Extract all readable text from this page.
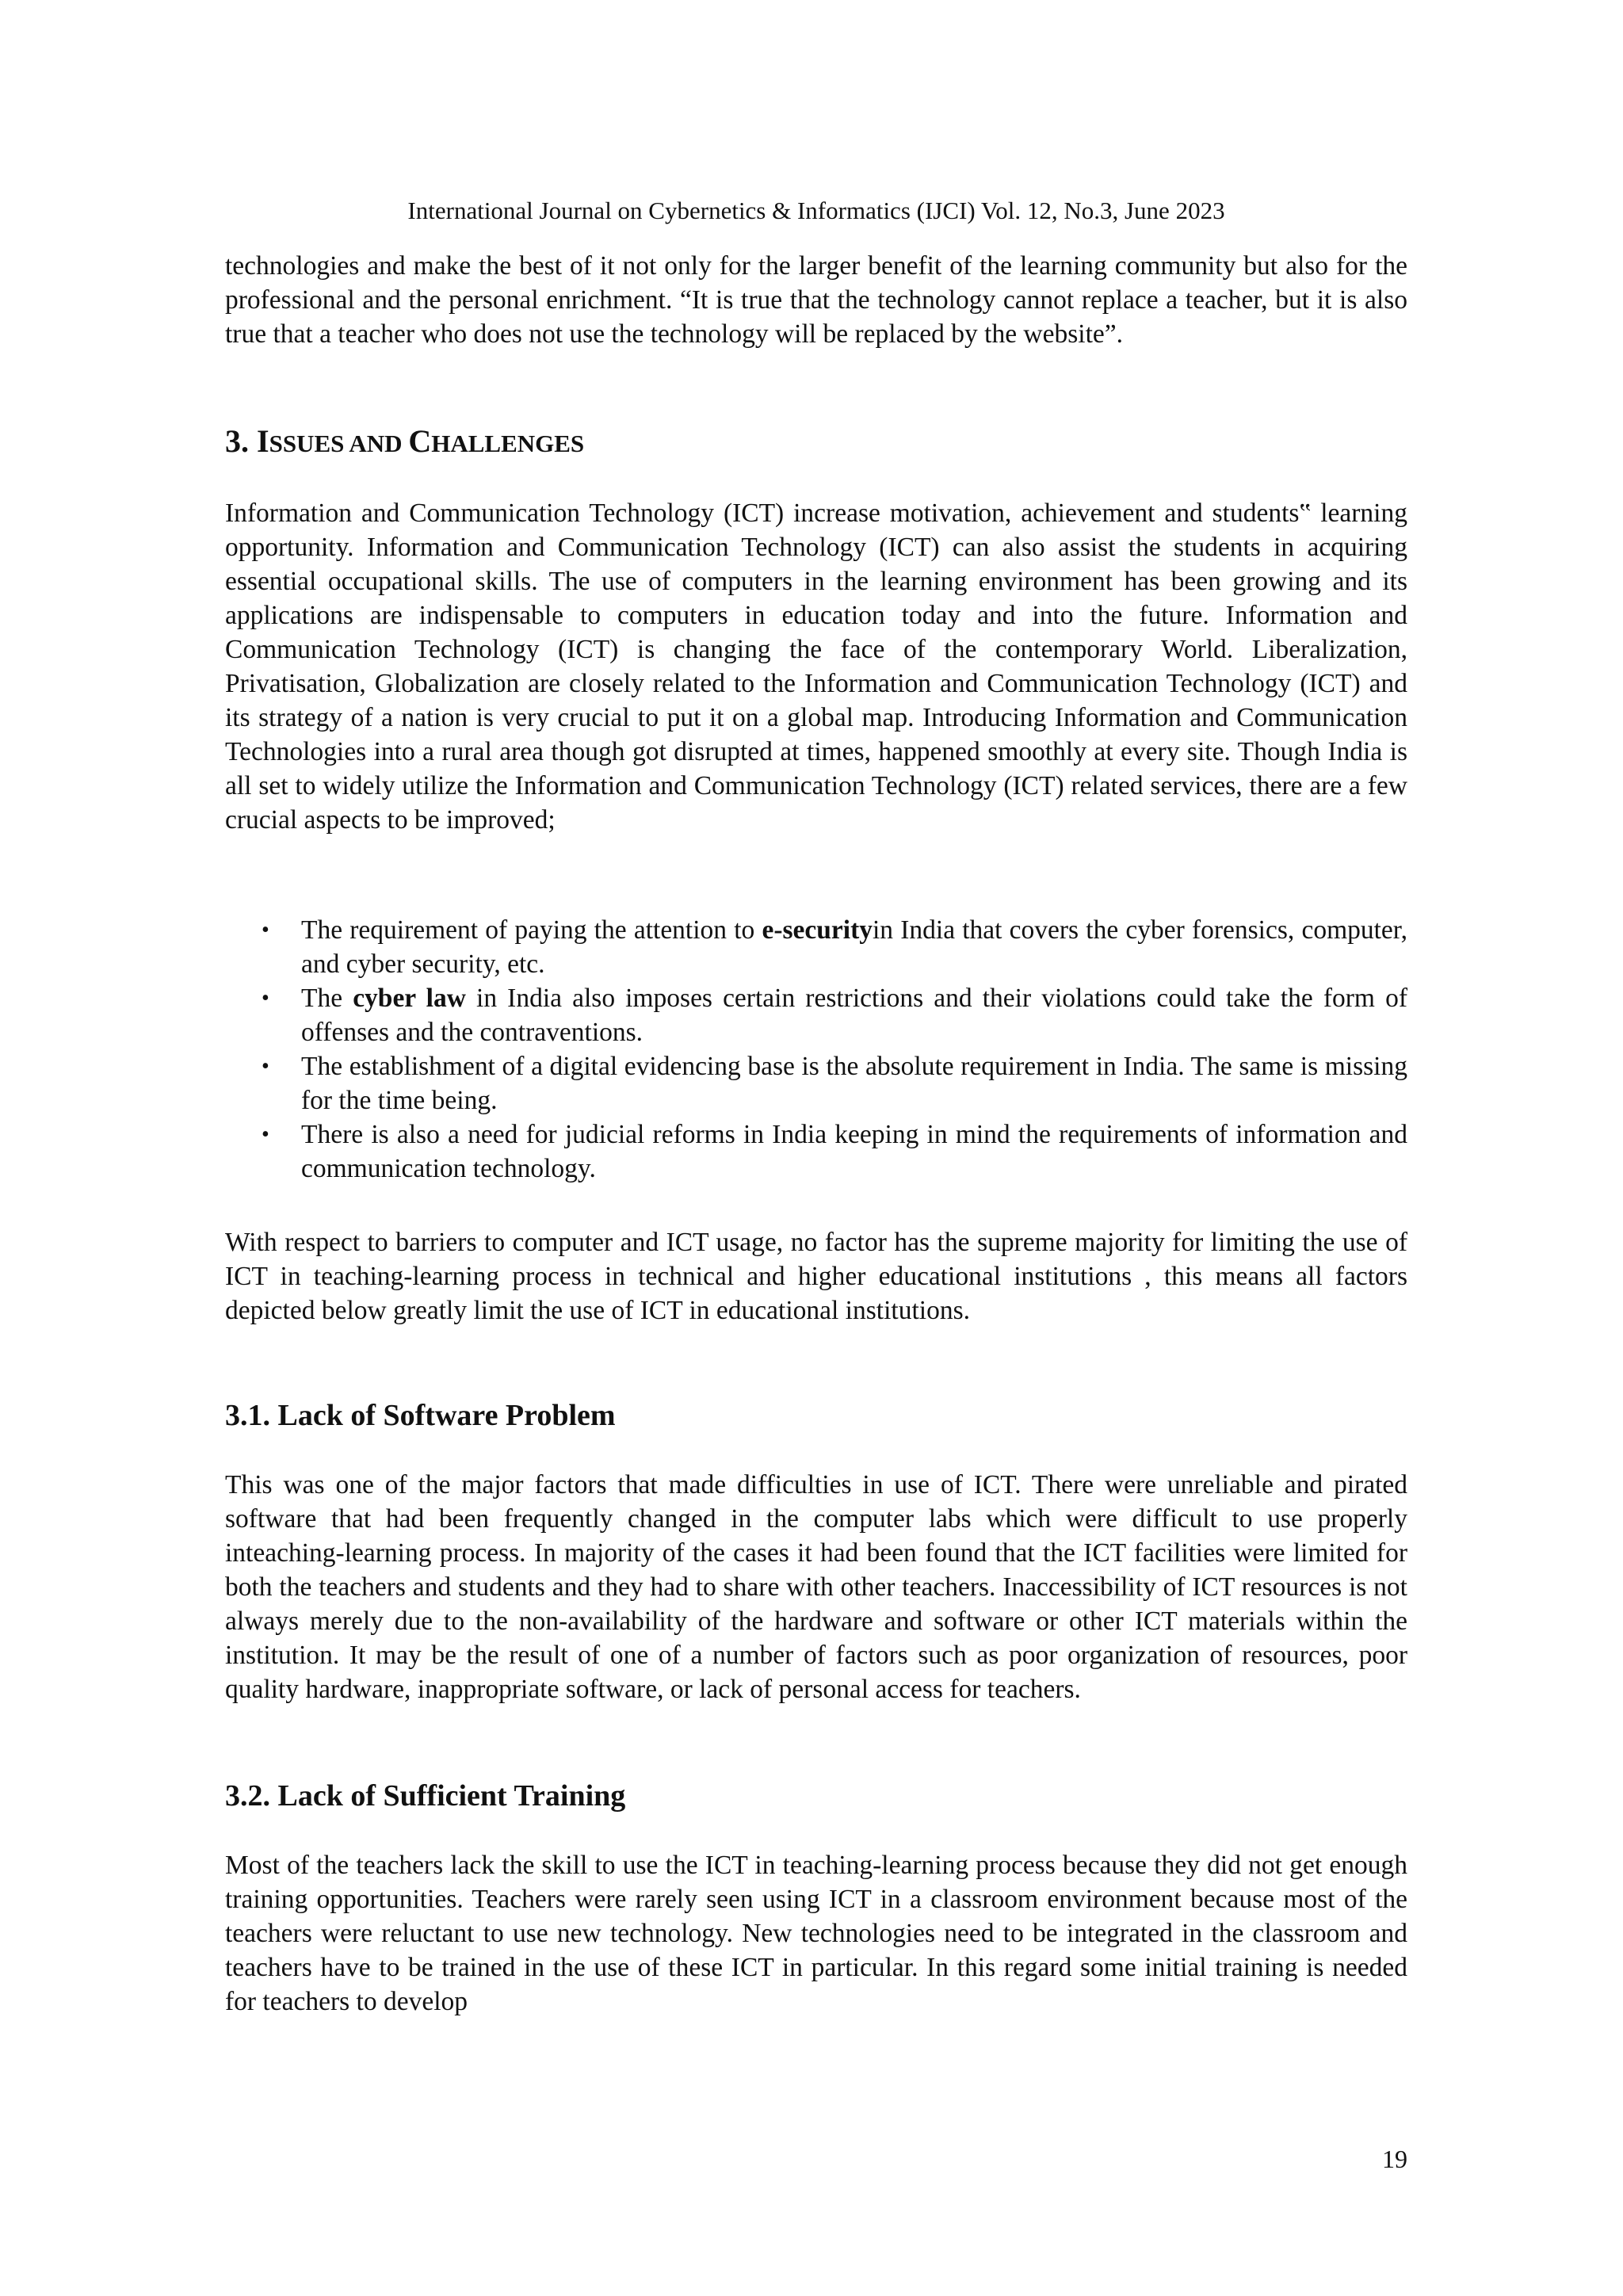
International Journal on Cybernetics & Informatics (IJCI) Vol. 12, No.3, June 2023

technologies and make the best of it not only for the larger benefit of the learning community but also for the professional and the personal enrichment. “It is true that the technology cannot replace a teacher, but it is also true that a teacher who does not use the technology will be replaced by the website”.

3. ISSUES AND CHALLENGES

Information and Communication Technology (ICT) increase motivation, achievement and students‟ learning opportunity. Information and Communication Technology (ICT) can also assist the students in acquiring essential occupational skills. The use of computers in the learning environment has been growing and its applications are indispensable to computers in education today and into the future. Information and Communication Technology (ICT) is changing the face of the contemporary World. Liberalization, Privatisation, Globalization are closely related to the Information and Communication Technology (ICT) and its strategy of a nation is very crucial to put it on a global map. Introducing Information and Communication Technologies into a rural area though got disrupted at times, happened smoothly at every site. Though India is all set to widely utilize the Information and Communication Technology (ICT) related services, there are a few crucial aspects to be improved;

• The requirement of paying the attention to e-securityin India that covers the cyber forensics, computer, and cyber security, etc.
• The cyber law in India also imposes certain restrictions and their violations could take the form of offenses and the contraventions.
• The establishment of a digital evidencing base is the absolute requirement in India. The same is missing for the time being.
• There is also a need for judicial reforms in India keeping in mind the requirements of information and communication technology.

With respect to barriers to computer and ICT usage, no factor has the supreme majority for limiting the use of ICT in teaching-learning process in technical and higher educational institutions , this means all factors depicted below greatly limit the use of ICT in educational institutions.

3.1. Lack of Software Problem

This was one of the major factors that made difficulties in use of ICT. There were unreliable and pirated software that had been frequently changed in the computer labs which were difficult to use properly inteaching-learning process. In majority of the cases it had been found that the ICT facilities were limited for both the teachers and students and they had to share with other teachers. Inaccessibility of ICT resources is not always merely due to the non-availability of the hardware and software or other ICT materials within the institution. It may be the result of one of a number of factors such as poor organization of resources, poor quality hardware, inappropriate software, or lack of personal access for teachers.

3.2. Lack of Sufficient Training

Most of the teachers lack the skill to use the ICT in teaching-learning process because they did not get enough training opportunities. Teachers were rarely seen using ICT in a classroom environment because most of the teachers were reluctant to use new technology. New technologies need to be integrated in the classroom and teachers have to be trained in the use of these ICT in particular. In this regard some initial training is needed for teachers to develop

19
